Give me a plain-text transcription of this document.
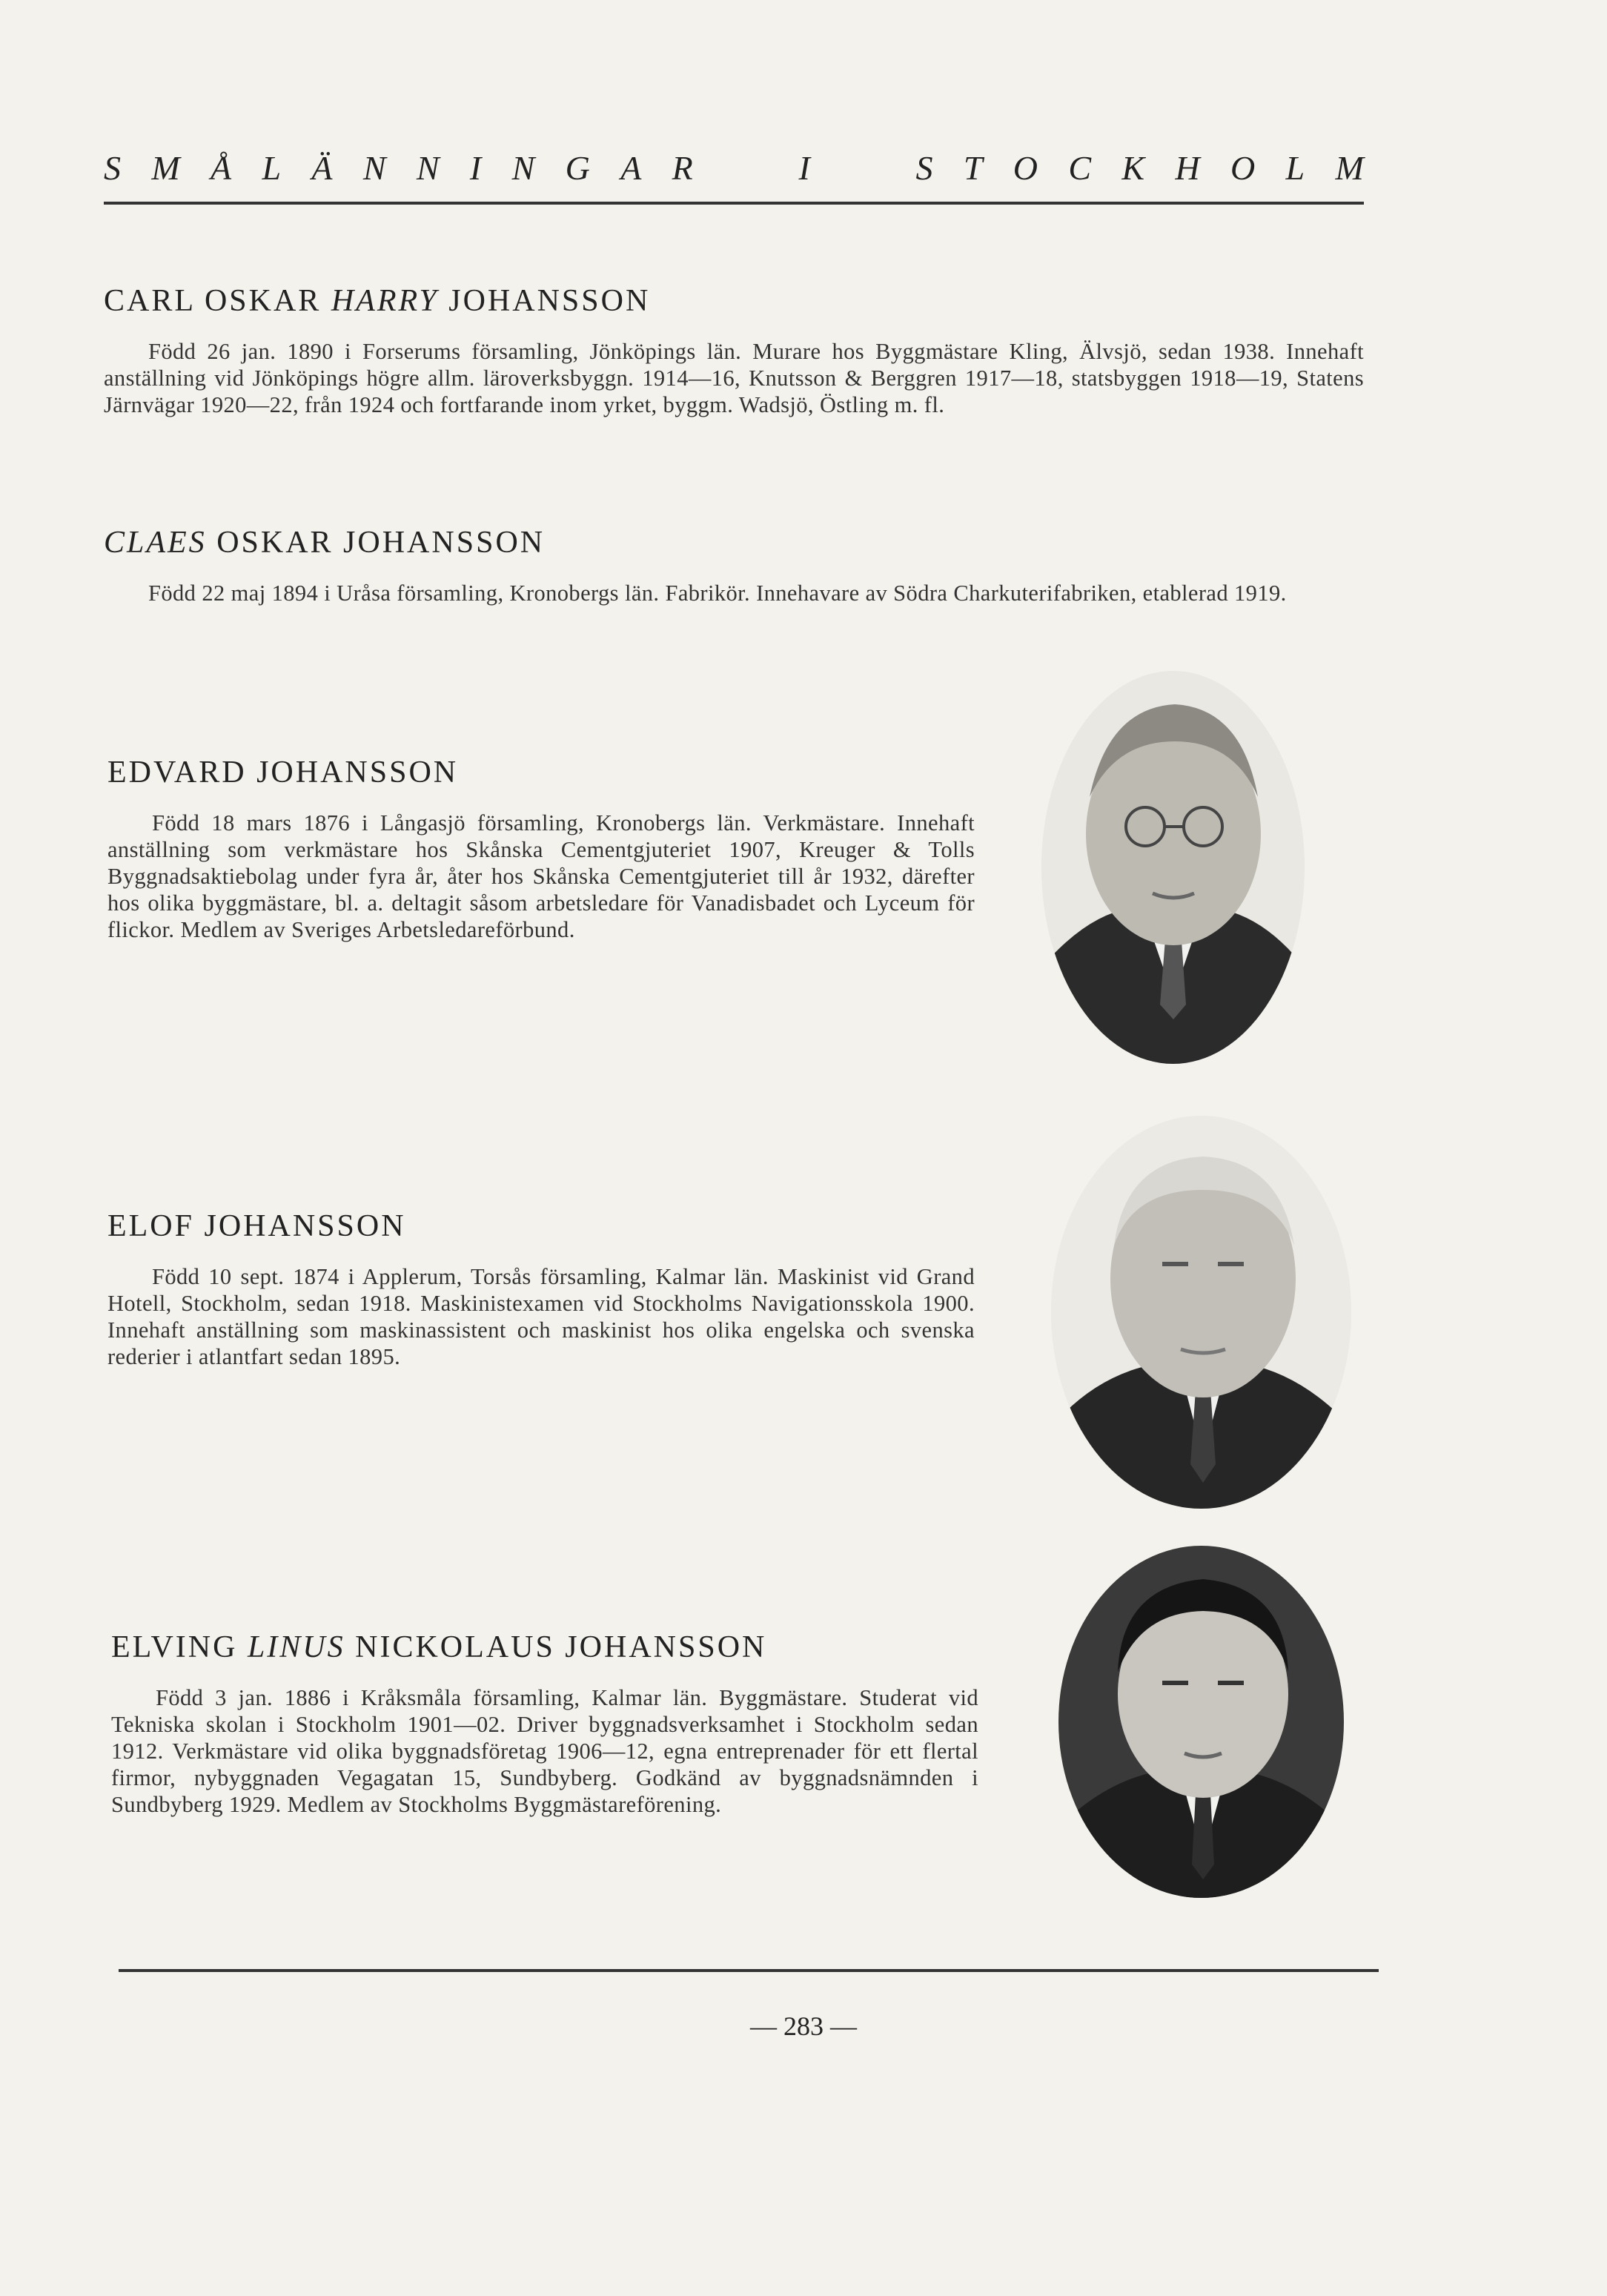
S M Å L Ä N N I N G A R	I	S T O C K H O L M
CARL OSKAR HARRY JOHANSSON

Född 26 jan. 1890 i Forserums församling, Jönköpings län. Murare hos Byggmästare Kling, Älvsjö, sedan 1938. Innehaft anställning vid Jönköpings högre allm. läroverksbyggn. 1914—16, Knutsson & Berggren 1917—18, statsbyggen 1918—19, Statens Järnvägar 1920—22, från 1924 och fortfarande inom yrket, byggm. Wadsjö, Östling m. fl.

CLAES OSKAR JOHANSSON

Född 22 maj 1894 i Uråsa församling, Kronobergs län. Fabrikör. Innehavare av Södra Charkuterifabriken, etablerad 1919.

EDVARD JOHANSSON

Född 18 mars 1876 i Långasjö församling, Kronobergs län. Verkmästare. Innehaft anställning som verkmästare hos Skånska Cementgjuteriet 1907, Kreuger & Tolls Byggnadsaktiebolag under fyra år, åter hos Skånska Cementgjuteriet till år 1932, därefter hos olika byggmästare, bl. a. deltagit såsom arbetsledare för Vanadisbadet och Lyceum för flickor. Medlem av Sveriges Arbetsledareförbund.

ELOF JOHANSSON

Född 10 sept. 1874 i Applerum, Torsås församling, Kalmar län. Maskinist vid Grand Hotell, Stockholm, sedan 1918. Maskinistexamen vid Stockholms Navigationsskola 1900. Innehaft anställning som maskinassistent och maskinist hos olika engelska och svenska rederier i atlantfart sedan 1895.

ELVING LINUS NICKOLAUS JOHANSSON

Född 3 jan. 1886 i Kråksmåla församling, Kalmar län. Byggmästare. Studerat vid Tekniska skolan i Stockholm 1901—02. Driver byggnadsverksamhet i Stockholm sedan 1912. Verkmästare vid olika byggnadsföretag 1906—12, egna entreprenader för ett flertal firmor, nybyggnaden Vegagatan 15, Sundbyberg. Godkänd av byggnadsnämnden i Sundbyberg 1929. Medlem av Stockholms Byggmästareförening.

— 283 —
